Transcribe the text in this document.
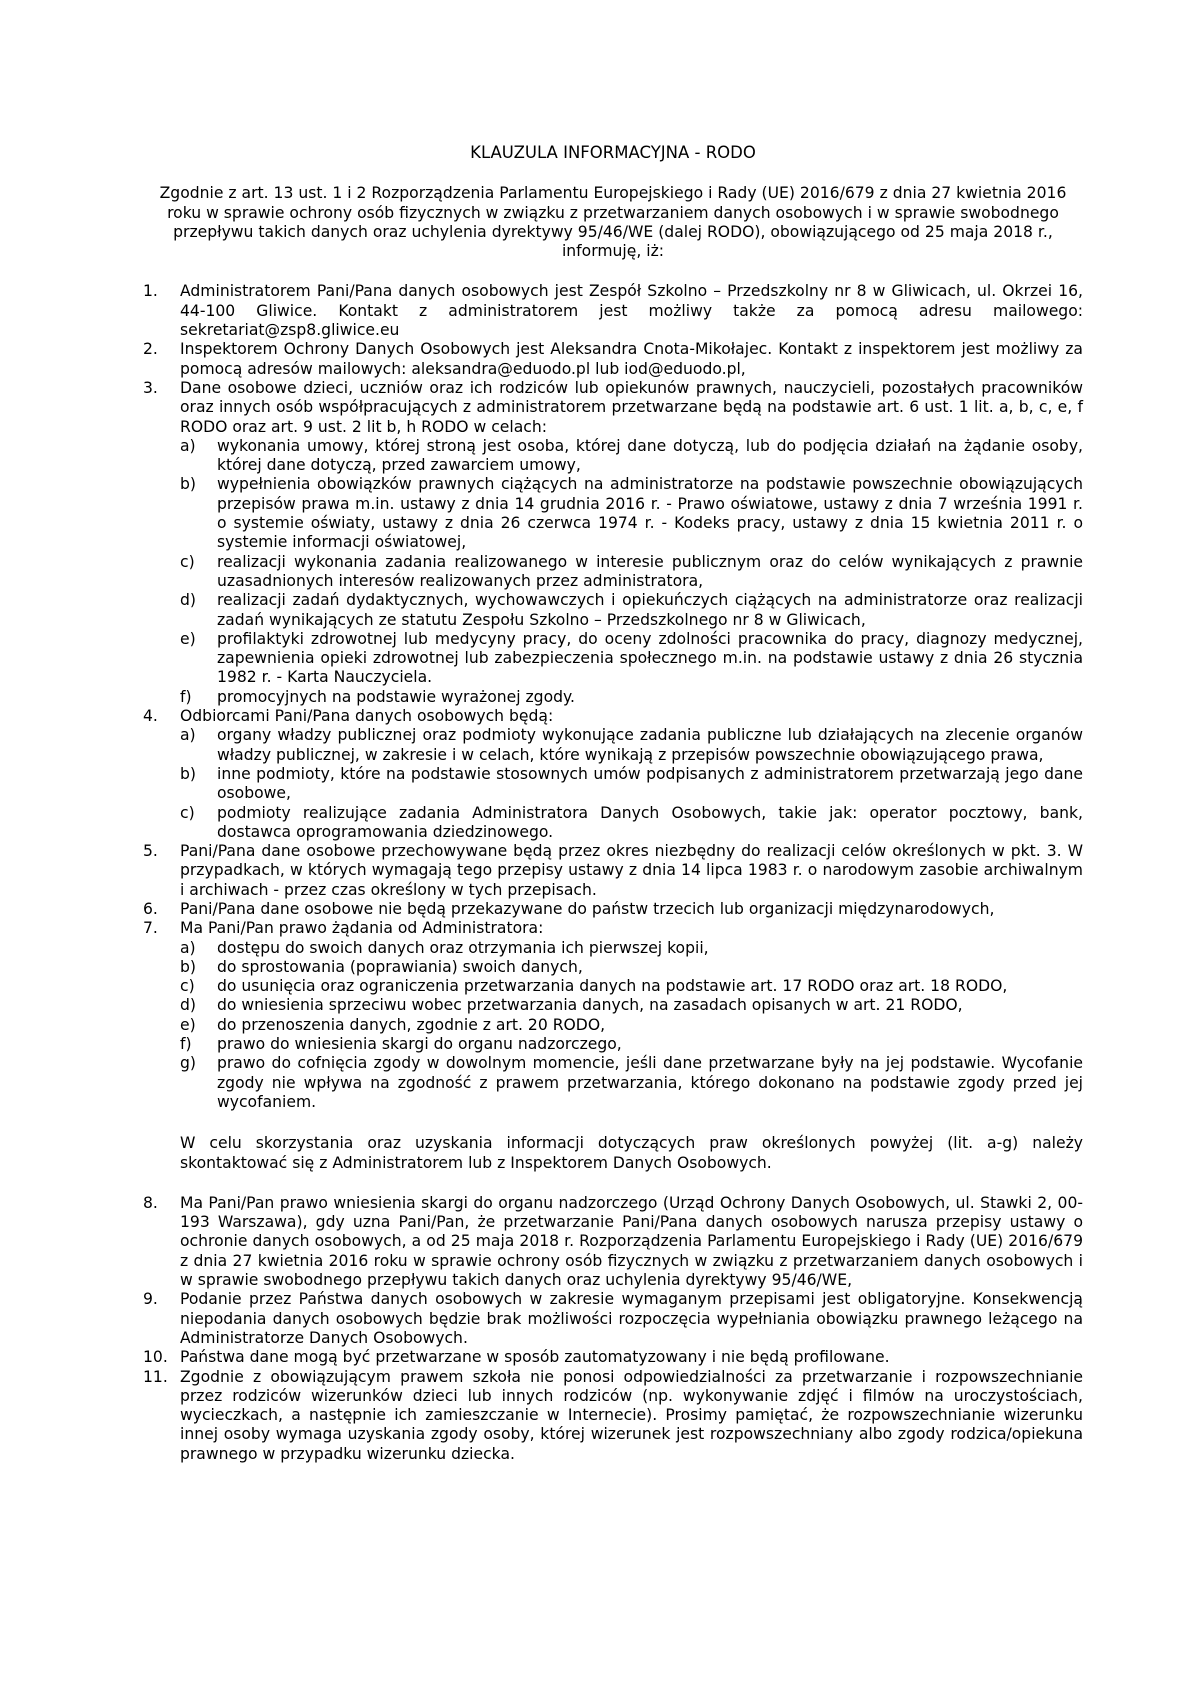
KLAUZULA INFORMACYJNA - RODO
Zgodnie z art. 13 ust. 1 i 2 Rozporządzenia Parlamentu Europejskiego i Rady (UE) 2016/679 z dnia 27 kwietnia 2016 roku w sprawie ochrony osób fizycznych w związku z przetwarzaniem danych osobowych i w sprawie swobodnego przepływu takich danych oraz uchylenia dyrektywy 95/46/WE (dalej RODO), obowiązującego od 25 maja 2018 r., informuję, iż:
1. Administratorem Pani/Pana danych osobowych jest Zespół Szkolno – Przedszkolny nr 8 w Gliwicach, ul. Okrzei 16, 44-100 Gliwice. Kontakt z administratorem jest możliwy także za pomocą adresu mailowego: sekretariat@zsp8.gliwice.eu
2. Inspektorem Ochrony Danych Osobowych jest Aleksandra Cnota-Mikołajec. Kontakt z inspektorem jest możliwy za pomocą adresów mailowych: aleksandra@eduodo.pl lub iod@eduodo.pl,
3. Dane osobowe dzieci, uczniów oraz ich rodziców lub opiekunów prawnych, nauczycieli, pozostałych pracowników oraz innych osób współpracujących z administratorem przetwarzane będą na podstawie art. 6 ust. 1 lit. a, b, c, e, f RODO oraz art. 9 ust. 2 lit b, h RODO w celach:
a) wykonania umowy, której stroną jest osoba, której dane dotyczą, lub do podjęcia działań na żądanie osoby, której dane dotyczą, przed zawarciem umowy,
b) wypełnienia obowiązków prawnych ciążących na administratorze na podstawie powszechnie obowiązujących przepisów prawa m.in. ustawy z dnia 14 grudnia 2016 r. - Prawo oświatowe, ustawy z dnia 7 września 1991 r. o systemie oświaty, ustawy z dnia 26 czerwca 1974 r. - Kodeks pracy, ustawy z dnia 15 kwietnia 2011 r. o systemie informacji oświatowej,
c) realizacji wykonania zadania realizowanego w interesie publicznym oraz do celów wynikających z prawnie uzasadnionych interesów realizowanych przez administratora,
d) realizacji zadań dydaktycznych, wychowawczych i opiekuńczych ciążących na administratorze oraz realizacji zadań wynikających ze statutu Zespołu Szkolno – Przedszkolnego nr 8 w Gliwicach,
e) profilaktyki zdrowotnej lub medycyny pracy, do oceny zdolności pracownika do pracy, diagnozy medycznej, zapewnienia opieki zdrowotnej lub zabezpieczenia społecznego m.in. na podstawie ustawy z dnia 26 stycznia 1982 r. - Karta Nauczyciela.
f) promocyjnych na podstawie wyrażonej zgody.
4. Odbiorcami Pani/Pana danych osobowych będą:
a) organy władzy publicznej oraz podmioty wykonujące zadania publiczne lub działających na zlecenie organów władzy publicznej, w zakresie i w celach, które wynikają z przepisów powszechnie obowiązującego prawa,
b) inne podmioty, które na podstawie stosownych umów podpisanych z administratorem przetwarzają jego dane osobowe,
c) podmioty realizujące zadania Administratora Danych Osobowych, takie jak: operator pocztowy, bank, dostawca oprogramowania dziedzinowego.
5. Pani/Pana dane osobowe przechowywane będą przez okres niezbędny do realizacji celów określonych w pkt. 3. W przypadkach, w których wymagają tego przepisy ustawy z dnia 14 lipca 1983 r. o narodowym zasobie archiwalnym i archiwach - przez czas określony w tych przepisach.
6. Pani/Pana dane osobowe nie będą przekazywane do państw trzecich lub organizacji międzynarodowych,
7. Ma Pani/Pan prawo żądania od Administratora:
a) dostępu do swoich danych oraz otrzymania ich pierwszej kopii,
b) do sprostowania (poprawiania) swoich danych,
c) do usunięcia oraz ograniczenia przetwarzania danych na podstawie art. 17 RODO oraz art. 18 RODO,
d) do wniesienia sprzeciwu wobec przetwarzania danych, na zasadach opisanych w art. 21 RODO,
e) do przenoszenia danych, zgodnie z art. 20 RODO,
f) prawo do wniesienia skargi do organu nadzorczego,
g) prawo do cofnięcia zgody w dowolnym momencie, jeśli dane przetwarzane były na jej podstawie. Wycofanie zgody nie wpływa na zgodność z prawem przetwarzania, którego dokonano na podstawie zgody przed jej wycofaniem.
W celu skorzystania oraz uzyskania informacji dotyczących praw określonych powyżej (lit. a-g) należy skontaktować się z Administratorem lub z Inspektorem Danych Osobowych.
8. Ma Pani/Pan prawo wniesienia skargi do organu nadzorczego (Urząd Ochrony Danych Osobowych, ul. Stawki 2, 00-193 Warszawa), gdy uzna Pani/Pan, że przetwarzanie Pani/Pana danych osobowych narusza przepisy ustawy o ochronie danych osobowych, a od 25 maja 2018 r. Rozporządzenia Parlamentu Europejskiego i Rady (UE) 2016/679 z dnia 27 kwietnia 2016 roku w sprawie ochrony osób fizycznych w związku z przetwarzaniem danych osobowych i w sprawie swobodnego przepływu takich danych oraz uchylenia dyrektywy 95/46/WE,
9. Podanie przez Państwa danych osobowych w zakresie wymaganym przepisami jest obligatoryjne. Konsekwencją niepodania danych osobowych będzie brak możliwości rozpoczęcia wypełniania obowiązku prawnego leżącego na Administratorze Danych Osobowych.
10. Państwa dane mogą być przetwarzane w sposób zautomatyzowany i nie będą profilowane.
11. Zgodnie z obowiązującym prawem szkoła nie ponosi odpowiedzialności za przetwarzanie i rozpowszechnianie przez rodziców wizerunków dzieci lub innych rodziców (np. wykonywanie zdjęć i filmów na uroczystościach, wycieczkach, a następnie ich zamieszczanie w Internecie). Prosimy pamiętać, że rozpowszechnianie wizerunku innej osoby wymaga uzyskania zgody osoby, której wizerunek jest rozpowszechniany albo zgody rodzica/opiekuna prawnego w przypadku wizerunku dziecka.
